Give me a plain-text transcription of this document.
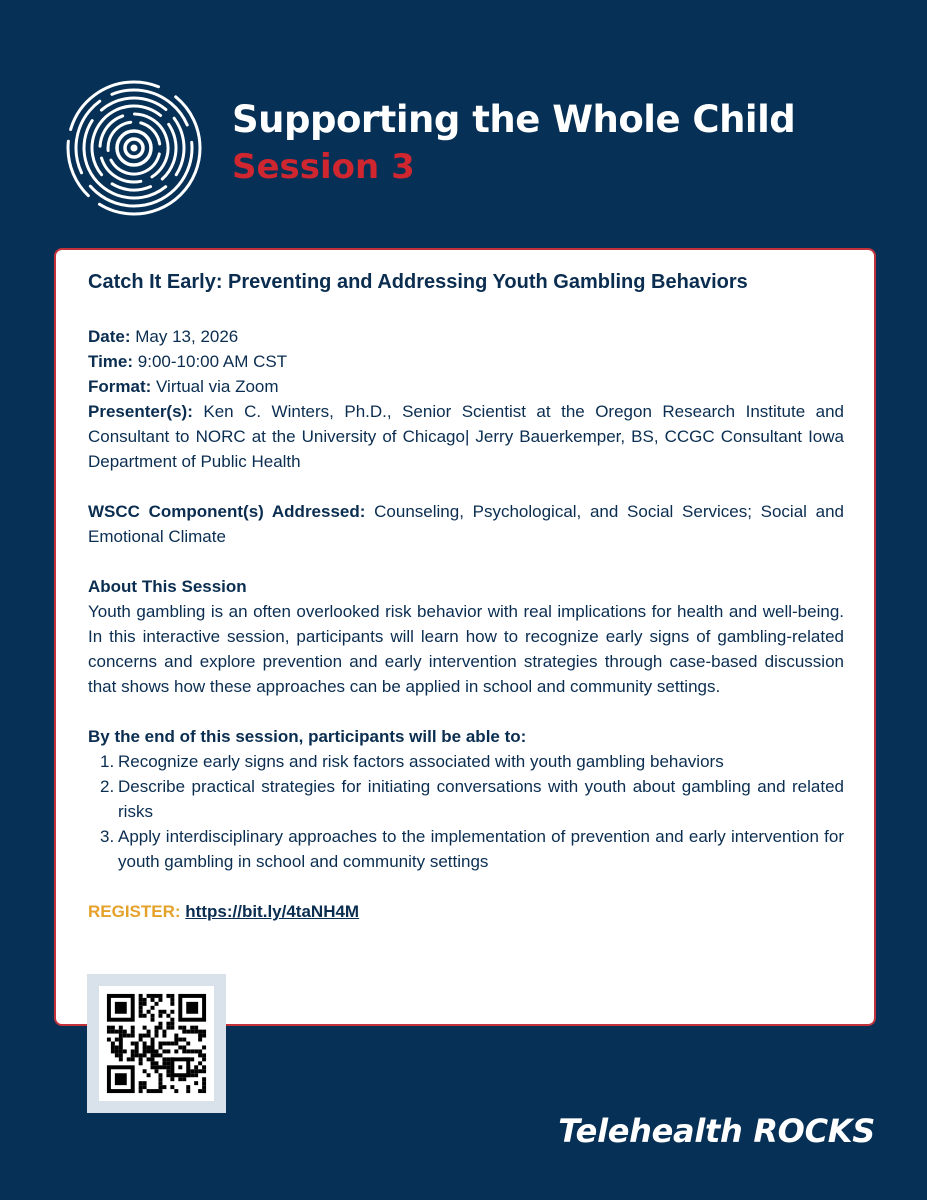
Supporting the Whole Child

Session 3

Catch It Early: Preventing and Addressing Youth Gambling Behaviors

Date: May 13, 2026

Time: 9:00-10:00 AM CST

Format: Virtual via Zoom

Presenter(s): Ken C. Winters, Ph.D., Senior Scientist at the Oregon Research Institute and Consultant to NORC at the University of Chicago| Jerry Bauerkemper, BS, CCGC Consultant Iowa Department of Public Health

WSCC Component(s) Addressed: Counseling, Psychological, and Social Services; Social and Emotional Climate

About This Session

Youth gambling is an often overlooked risk behavior with real implications for health and well-being. In this interactive session, participants will learn how to recognize early signs of gambling-related concerns and explore prevention and early intervention strategies through case-based discussion that shows how these approaches can be applied in school and community settings.

By the end of this session, participants will be able to:

1. Recognize early signs and risk factors associated with youth gambling behaviors
2. Describe practical strategies for initiating conversations with youth about gambling and related risks
3. Apply interdisciplinary approaches to the implementation of prevention and early intervention for youth gambling in school and community settings

REGISTER: https://bit.ly/4taNH4M

Telehealth ROCKS
